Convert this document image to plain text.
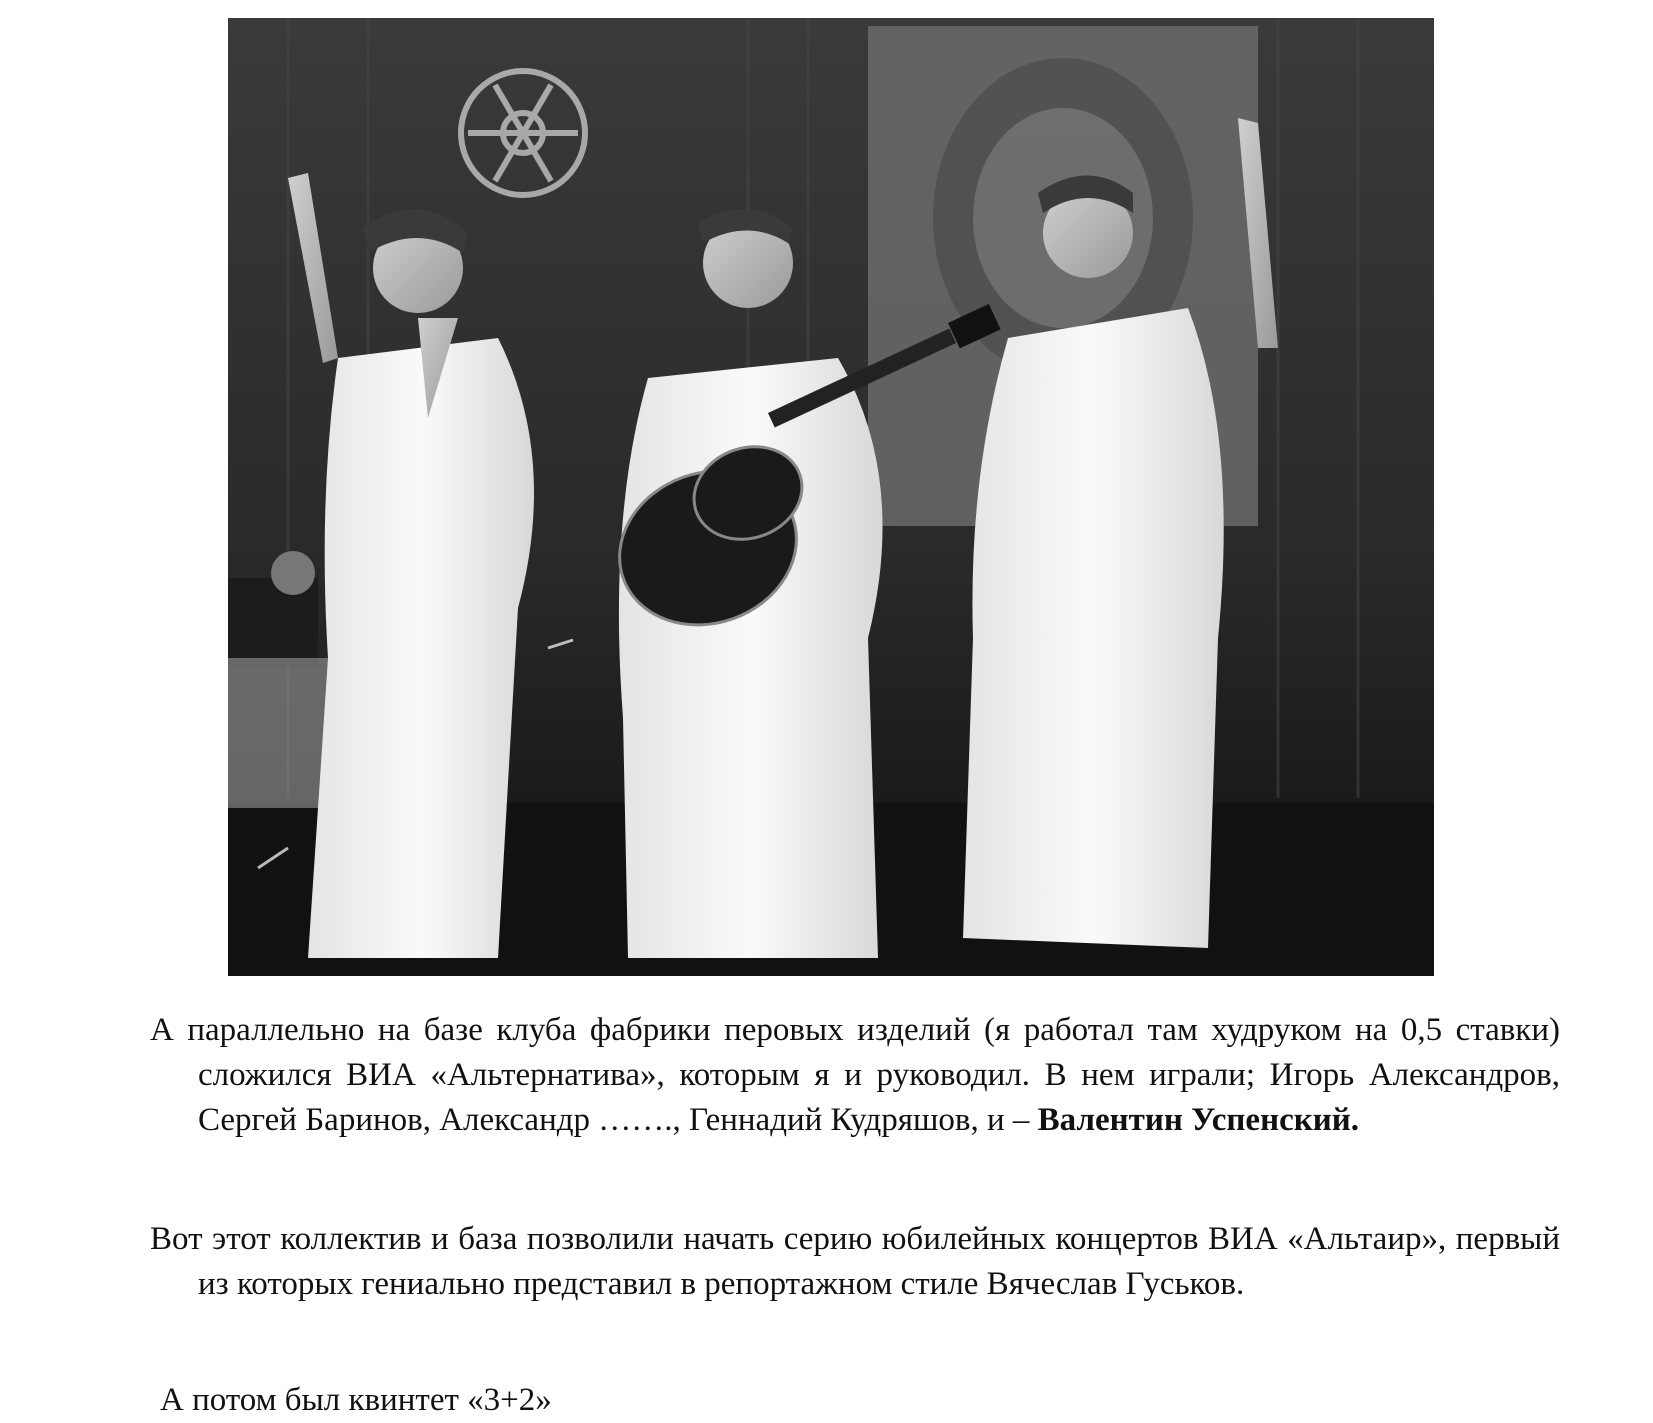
А параллельно на базе клуба фабрики перовых изделий (я работал там худруком на 0,5 ставки) сложился ВИА «Альтернатива», которым я и руководил. В нем играли; Игорь Александров, Сергей Баринов, Александр ……., Геннадий Кудряшов, и – Валентин Успенский.

Вот этот коллектив и база позволили начать серию юбилейных концертов ВИА «Альтаир», первый из которых гениально представил в репортажном стиле Вячеслав Гуськов.

А потом был квинтет «3+2»
